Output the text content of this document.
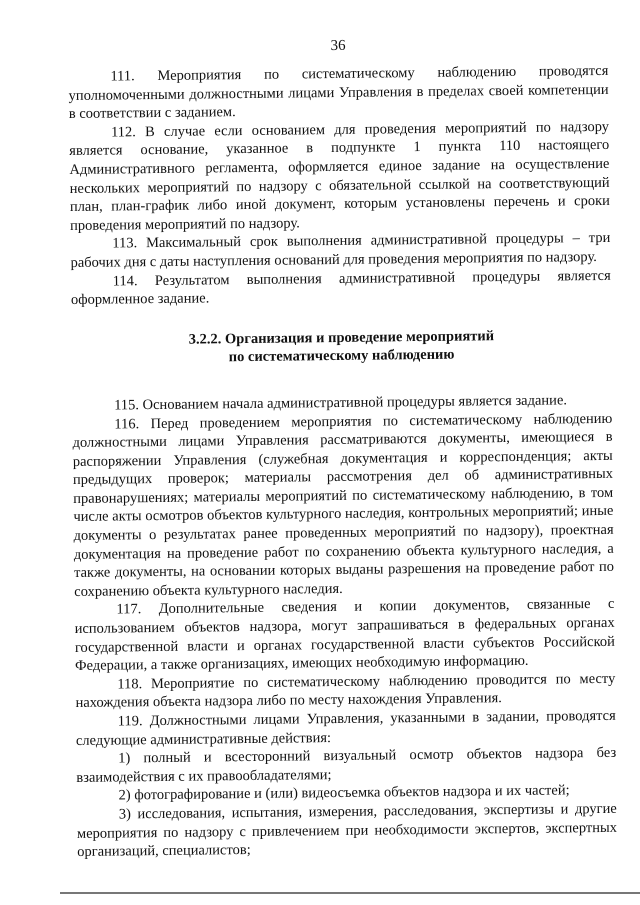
36

111. Мероприятия по систематическому наблюдению проводятся уполномоченными должностными лицами Управления в пределах своей компетенции в соответствии с заданием.

112. В случае если основанием для проведения мероприятий по надзору является основание, указанное в подпункте 1 пункта 110 настоящего Административного регламента, оформляется единое задание на осуществление нескольких мероприятий по надзору с обязательной ссылкой на соответствующий план, план-график либо иной документ, которым установлены перечень и сроки проведения мероприятий по надзору.

113. Максимальный срок выполнения административной процедуры – три рабочих дня с даты наступления оснований для проведения мероприятия по надзору.

114. Результатом выполнения административной процедуры является оформленное задание.

3.2.2. Организация и проведение мероприятий
по систематическому наблюдению

115. Основанием начала административной процедуры является задание.

116. Перед проведением мероприятия по систематическому наблюдению должностными лицами Управления рассматриваются документы, имеющиеся в распоряжении Управления (служебная документация и корреспонденция; акты предыдущих проверок; материалы рассмотрения дел об административных правонарушениях; материалы мероприятий по систематическому наблюдению, в том числе акты осмотров объектов культурного наследия, контрольных мероприятий; иные документы о результатах ранее проведенных мероприятий по надзору), проектная документация на проведение работ по сохранению объекта культурного наследия, а также документы, на основании которых выданы разрешения на проведение работ по сохранению объекта культурного наследия.

117. Дополнительные сведения и копии документов, связанные с использованием объектов надзора, могут запрашиваться в федеральных органах государственной власти и органах государственной власти субъектов Российской Федерации, а также организациях, имеющих необходимую информацию.

118. Мероприятие по систематическому наблюдению проводится по месту нахождения объекта надзора либо по месту нахождения Управления.

119. Должностными лицами Управления, указанными в задании, проводятся следующие административные действия:

1) полный и всесторонний визуальный осмотр объектов надзора без взаимодействия с их правообладателями;

2) фотографирование и (или) видеосъемка объектов надзора и их частей;

3) исследования, испытания, измерения, расследования, экспертизы и другие мероприятия по надзору с привлечением при необходимости экспертов, экспертных организаций, специалистов;
